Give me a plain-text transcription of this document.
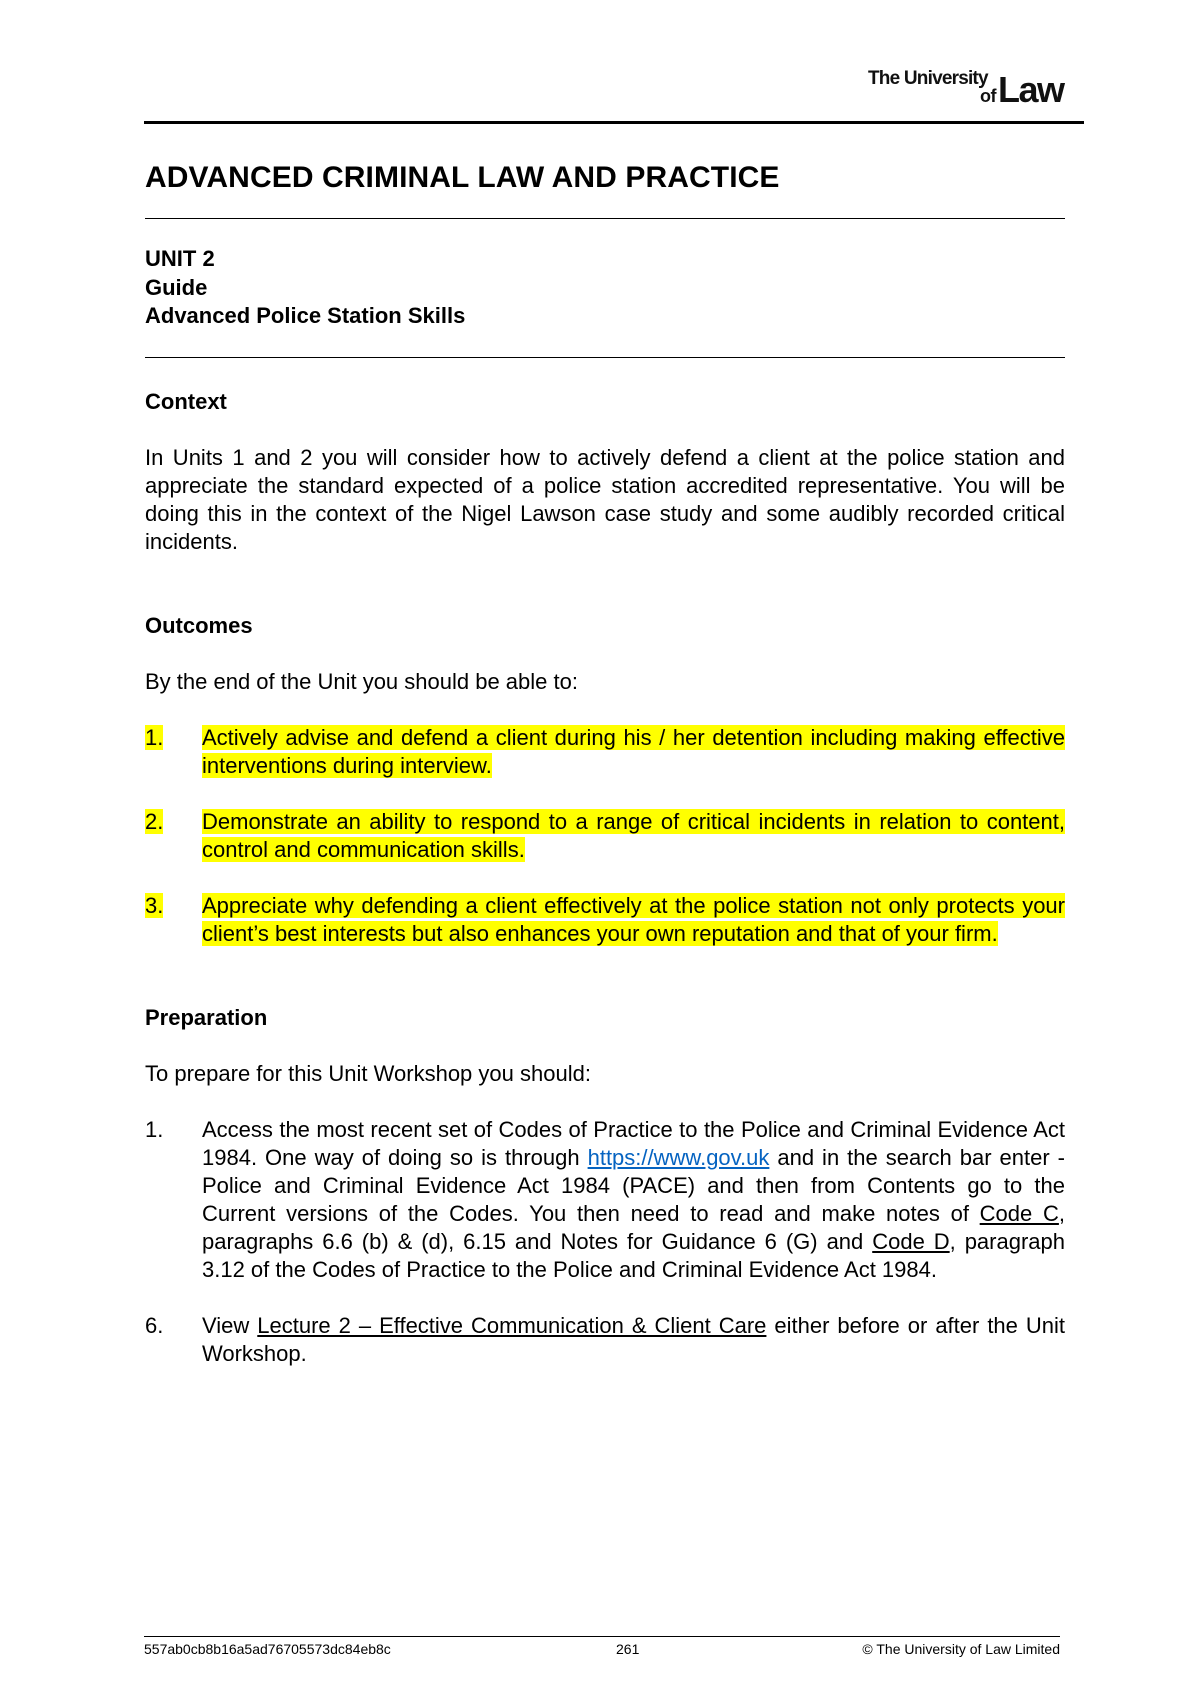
The University
of Law
ADVANCED CRIMINAL LAW AND PRACTICE
UNIT 2
Guide
Advanced Police Station Skills
Context

In Units 1 and 2 you will consider how to actively defend a client at the police station and appreciate the standard expected of a police station accredited representative. You will be doing this in the context of the Nigel Lawson case study and some audibly recorded critical incidents.

Outcomes

By the end of the Unit you should be able to:

1.	Actively advise and defend a client during his / her detention including making effective interventions during interview.
2.	Demonstrate an ability to respond to a range of critical incidents in relation to content, control and communication skills.
3.	Appreciate why defending a client effectively at the police station not only protects your client’s best interests but also enhances your own reputation and that of your firm.
Preparation

To prepare for this Unit Workshop you should:

1.	Access the most recent set of Codes of Practice to the Police and Criminal Evidence Act 1984. One way of doing so is through https://www.gov.uk and in the search bar enter - Police and Criminal Evidence Act 1984 (PACE) and then from Contents go to the Current versions of the Codes. You then need to read and make notes of Code C, paragraphs 6.6 (b) & (d), 6.15 and Notes for Guidance 6 (G) and Code D, paragraph 3.12 of the Codes of Practice to the Police and Criminal Evidence Act 1984.
6.	View Lecture 2 – Effective Communication & Client Care either before or after the Unit Workshop.
557ab0cb8b16a5ad76705573dc84eb8c	261	© The University of Law Limited
